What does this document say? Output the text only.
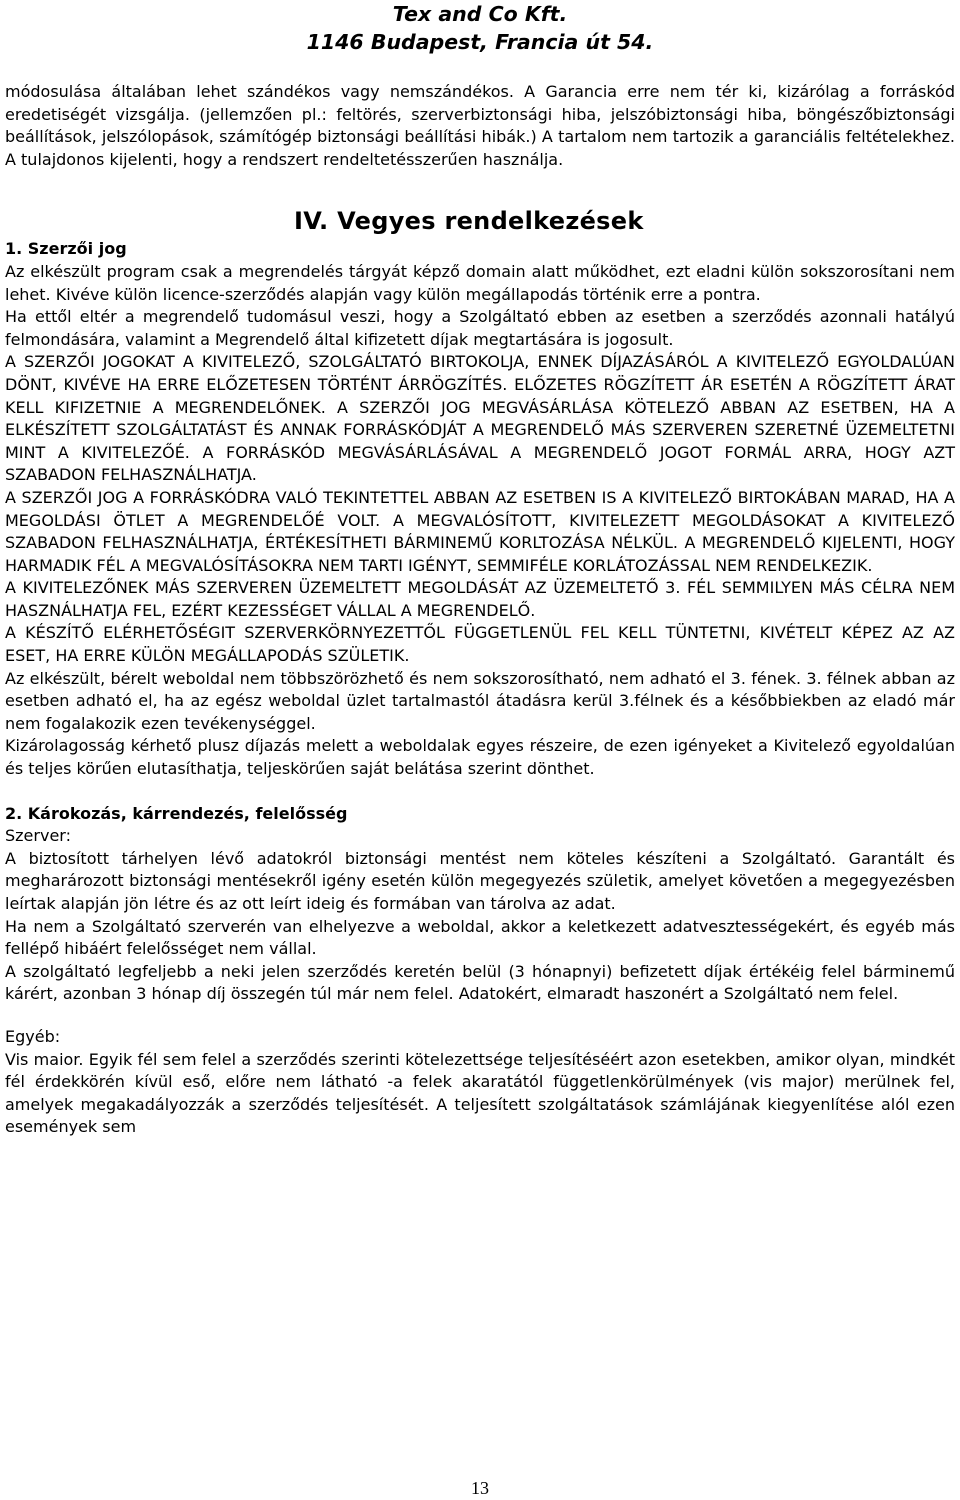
Tex and Co Kft.
1146 Budapest, Francia út 54.

módosulása általában lehet szándékos vagy nemszándékos. A Garancia erre nem tér ki, kizárólag a forráskód eredetiségét vizsgálja. (jellemzően pl.: feltörés, szerverbiztonsági hiba, jelszóbiztonsági hiba, böngészőbiztonsági beállítások, jelszólopások, számítógép biztonsági beállítási hibák.) A tartalom nem tartozik a garanciális feltételekhez. A tulajdonos kijelenti, hogy a rendszert rendeltetésszerűen használja.

IV. Vegyes rendelkezések

1. Szerzői jog

Az elkészült program csak a megrendelés tárgyát képző domain alatt működhet, ezt eladni külön sokszorosítani nem lehet. Kivéve külön licence-szerződés alapján vagy külön megállapodás történik erre a pontra.

Ha ettől eltér a megrendelő tudomásul veszi, hogy a Szolgáltató ebben az esetben a szerződés azonnali hatályú felmondására, valamint a Megrendelő által kifizetett díjak megtartására is jogosult.

A SZERZŐI JOGOKAT A KIVITELEZŐ, SZOLGÁLTATÓ BIRTOKOLJA, ENNEK DÍJAZÁSÁRÓL A KIVITELEZŐ EGYOLDALÚAN DÖNT, KIVÉVE HA ERRE ELŐZETESEN TÖRTÉNT ÁRRÖGZÍTÉS. ELŐZETES RÖGZÍTETT ÁR ESETÉN A RÖGZÍTETT ÁRAT KELL KIFIZETNIE A MEGRENDELŐNEK. A SZERZŐI JOG MEGVÁSÁRLÁSA KÖTELEZŐ ABBAN AZ ESETBEN, HA A ELKÉSZÍTETT SZOLGÁLTATÁST ÉS ANNAK FORRÁSKÓDJÁT A MEGRENDELŐ MÁS SZERVEREN SZERETNÉ ÜZEMELTETNI MINT A KIVITELEZŐÉ. A FORRÁSKÓD MEGVÁSÁRLÁSÁVAL A MEGRENDELŐ JOGOT FORMÁL ARRA, HOGY AZT SZABADON FELHASZNÁLHATJA.

A SZERZŐI JOG A FORRÁSKÓDRA VALÓ TEKINTETTEL ABBAN AZ ESETBEN IS A KIVITELEZŐ BIRTOKÁBAN MARAD, HA A MEGOLDÁSI ÖTLET A MEGRENDELŐÉ VOLT. A MEGVALÓSÍTOTT, KIVITELEZETT MEGOLDÁSOKAT A KIVITELEZŐ SZABADON FELHASZNÁLHATJA, ÉRTÉKESÍTHETI BÁRMINEMŰ KORLTOZÁSA NÉLKÜL. A MEGRENDELŐ KIJELENTI, HOGY HARMADIK FÉL A MEGVALÓSÍTÁSOKRA NEM TARTI IGÉNYT, SEMMIFÉLE KORLÁTOZÁSSAL NEM RENDELKEZIK.

A KIVITELEZŐNEK MÁS SZERVEREN ÜZEMELTETT MEGOLDÁSÁT AZ ÜZEMELTETŐ 3. FÉL SEMMILYEN MÁS CÉLRA NEM HASZNÁLHATJA FEL, EZÉRT KEZESSÉGET VÁLLAL A MEGRENDELŐ.

A KÉSZÍTŐ ELÉRHETŐSÉGIT SZERVERKÖRNYEZETTŐL FÜGGETLENÜL FEL KELL TÜNTETNI, KIVÉTELT KÉPEZ AZ AZ ESET, HA ERRE KÜLÖN MEGÁLLAPODÁS SZÜLETIK.

Az elkészült, bérelt weboldal nem többszörözhető és nem sokszorosítható, nem adható el 3. fének. 3. félnek abban az esetben adható el, ha az egész weboldal üzlet tartalmastól átadásra kerül 3.félnek és a későbbiekben az eladó már nem fogalakozik ezen tevékenységgel.

Kizárolagosság kérhető plusz díjazás melett a weboldalak egyes részeire, de ezen igényeket a Kivitelező egyoldalúan és teljes körűen elutasíthatja, teljeskörűen saját belátása szerint dönthet.

2. Károkozás, kárrendezés, felelősség

Szerver:

A biztosított tárhelyen lévő adatokról biztonsági mentést nem köteles készíteni a Szolgáltató. Garantált és megharározott biztonsági mentésekről igény esetén külön megegyezés születik, amelyet követően a megegyezésben leírtak alapján jön létre és az ott leírt ideig és formában van tárolva az adat.

Ha nem a Szolgáltató szerverén van elhelyezve a weboldal, akkor a keletkezett adatvesztességekért, és egyéb más fellépő hibáért felelősséget nem vállal.

A szolgáltató legfeljebb a neki jelen szerződés keretén belül (3 hónapnyi) befizetett díjak értékéig felel bárminemű kárért, azonban 3 hónap díj összegén túl már nem felel. Adatokért, elmaradt haszonért a Szolgáltató nem felel.

Egyéb:

Vis maior. Egyik fél sem felel a szerződés szerinti kötelezettsége teljesítéséért azon esetekben, amikor olyan, mindkét fél érdekkörén kívül eső, előre nem látható -a felek akaratától függetlenkörülmények (vis major) merülnek fel, amelyek megakadályozzák a szerződés teljesítését. A teljesített szolgáltatások számlájának kiegyenlítése alól ezen események sem

13
